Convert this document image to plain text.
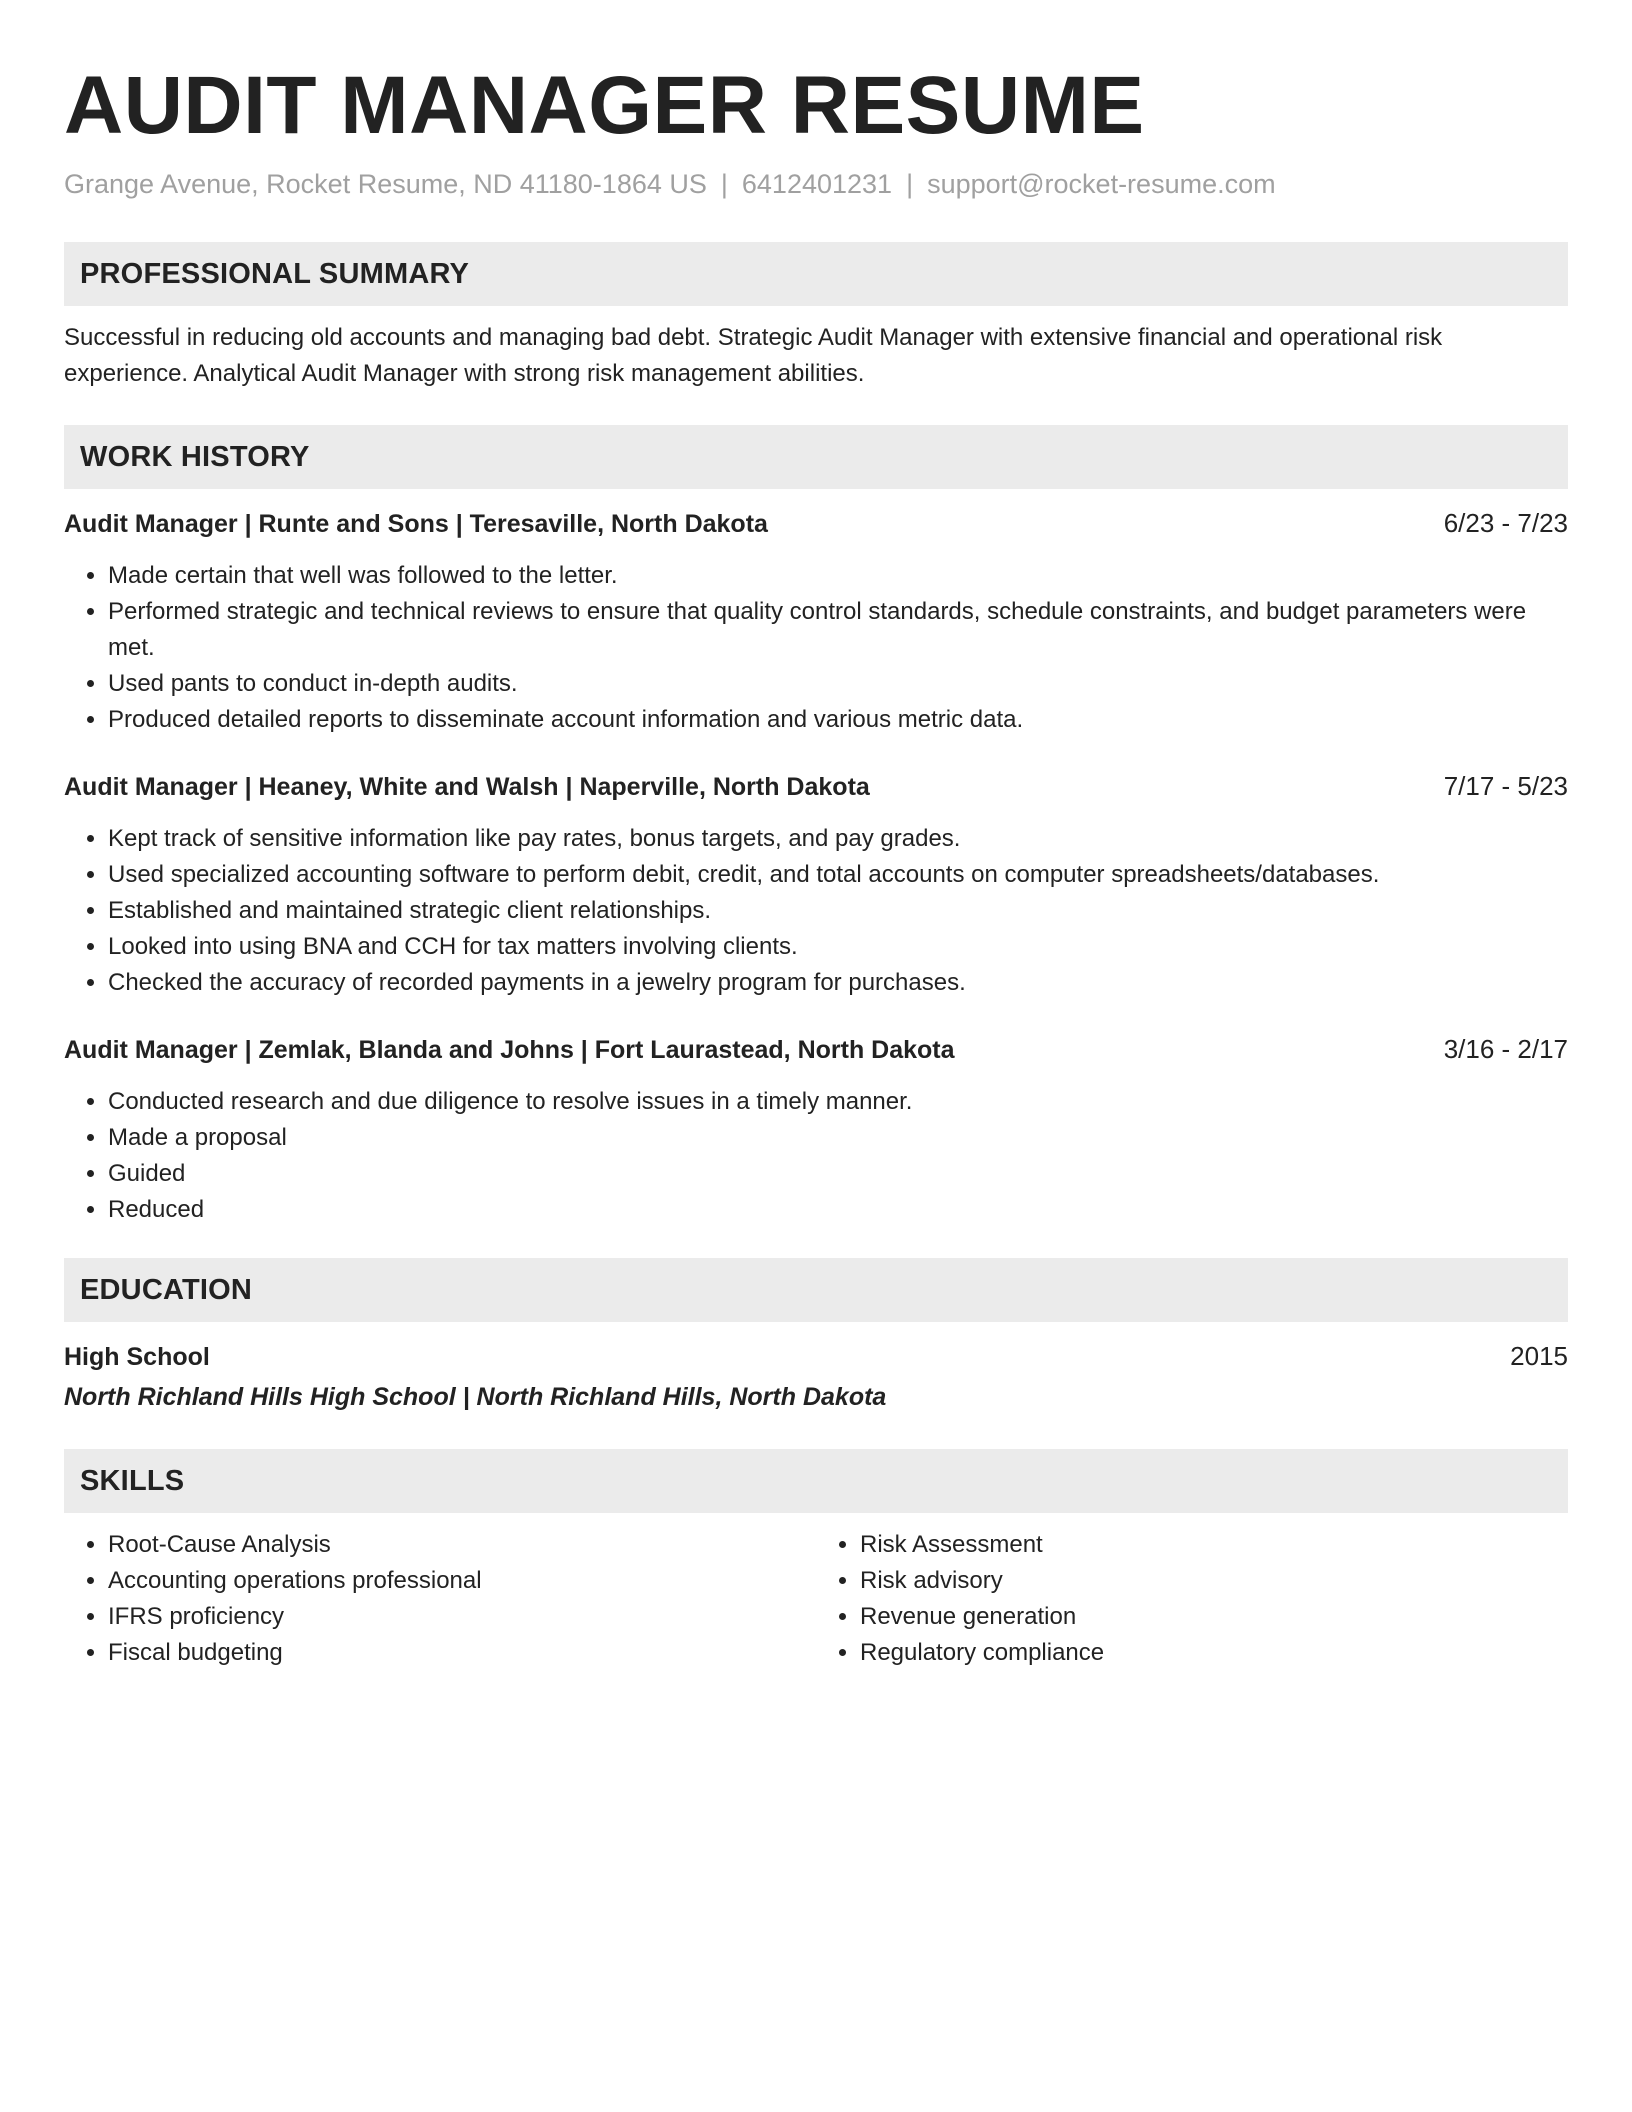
AUDIT MANAGER RESUME
Grange Avenue, Rocket Resume, ND 41180-1864 US | 6412401231 | support@rocket-resume.com
PROFESSIONAL SUMMARY
Successful in reducing old accounts and managing bad debt. Strategic Audit Manager with extensive financial and operational risk experience. Analytical Audit Manager with strong risk management abilities.
WORK HISTORY
Audit Manager | Runte and Sons | Teresaville, North Dakota	6/23 - 7/23
• Made certain that well was followed to the letter.
• Performed strategic and technical reviews to ensure that quality control standards, schedule constraints, and budget parameters were met.
• Used pants to conduct in-depth audits.
• Produced detailed reports to disseminate account information and various metric data.
Audit Manager | Heaney, White and Walsh | Naperville, North Dakota	7/17 - 5/23
• Kept track of sensitive information like pay rates, bonus targets, and pay grades.
• Used specialized accounting software to perform debit, credit, and total accounts on computer spreadsheets/databases.
• Established and maintained strategic client relationships.
• Looked into using BNA and CCH for tax matters involving clients.
• Checked the accuracy of recorded payments in a jewelry program for purchases.
Audit Manager | Zemlak, Blanda and Johns | Fort Laurastead, North Dakota	3/16 - 2/17
• Conducted research and due diligence to resolve issues in a timely manner.
• Made a proposal
• Guided
• Reduced
EDUCATION
High School	2015
North Richland Hills High School | North Richland Hills, North Dakota
SKILLS
• Root-Cause Analysis
• Accounting operations professional
• IFRS proficiency
• Fiscal budgeting
• Risk Assessment
• Risk advisory
• Revenue generation
• Regulatory compliance
